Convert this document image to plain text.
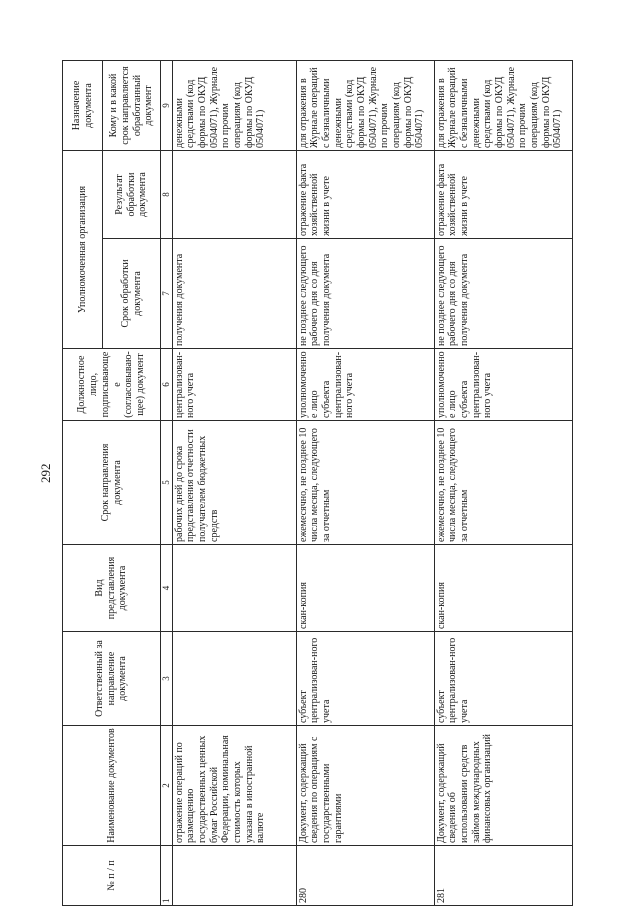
292
№ п / п	Наименование документов	Ответственный за направление документа	Вид представления документа	Срок направления документа	Должностное лицо, подписывающее (согласовываю-щее) документ	Уполномоченная организация		Назначение документа
						Срок обработки документа	Результат обработки документа	Кому и в какой срок направляется обработанный документ
1	2	3	4	5	6	7	8	9
	отражение операций по размещению государственных ценных бумаг Российской Федерации, номинальная стоимость которых указана в иностранной валюте			рабочих дней до срока представления отчетности получателем бюджетных средств	централизован-ного учета	получения документа		денежными средствами (код формы по ОКУД 0504071), Журнале по прочим операциям (код формы по ОКУД 0504071)
280	Документ, содержащий сведения по операциям с государственными гарантиями	субъект централизован-ного учета	скан-копия	ежемесячно, не позднее 10 числа месяца, следующего за отчетным	уполномоченное лицо субъекта централизован-ного учета	не позднее следующего рабочего дня со дня получения документа	отражение факта хозяйственной жизни в учете	для отражения в Журнале операций с безналичными денежными средствами (код формы по ОКУД 0504071), Журнале по прочим операциям (код формы по ОКУД 0504071)
281	Документ, содержащий сведения об использовании средств займов международных финансовых организаций	субъект централизован-ного учета	скан-копия	ежемесячно, не позднее 10 числа месяца, следующего за отчетным	уполномоченное лицо субъекта централизован-ного учета	не позднее следующего рабочего дня со дня получения документа	отражение факта хозяйственной жизни в учете	для отражения в Журнале операций с безналичными денежными средствами (код формы по ОКУД 0504071), Журнале по прочим операциям (код формы по ОКУД 0504071)
